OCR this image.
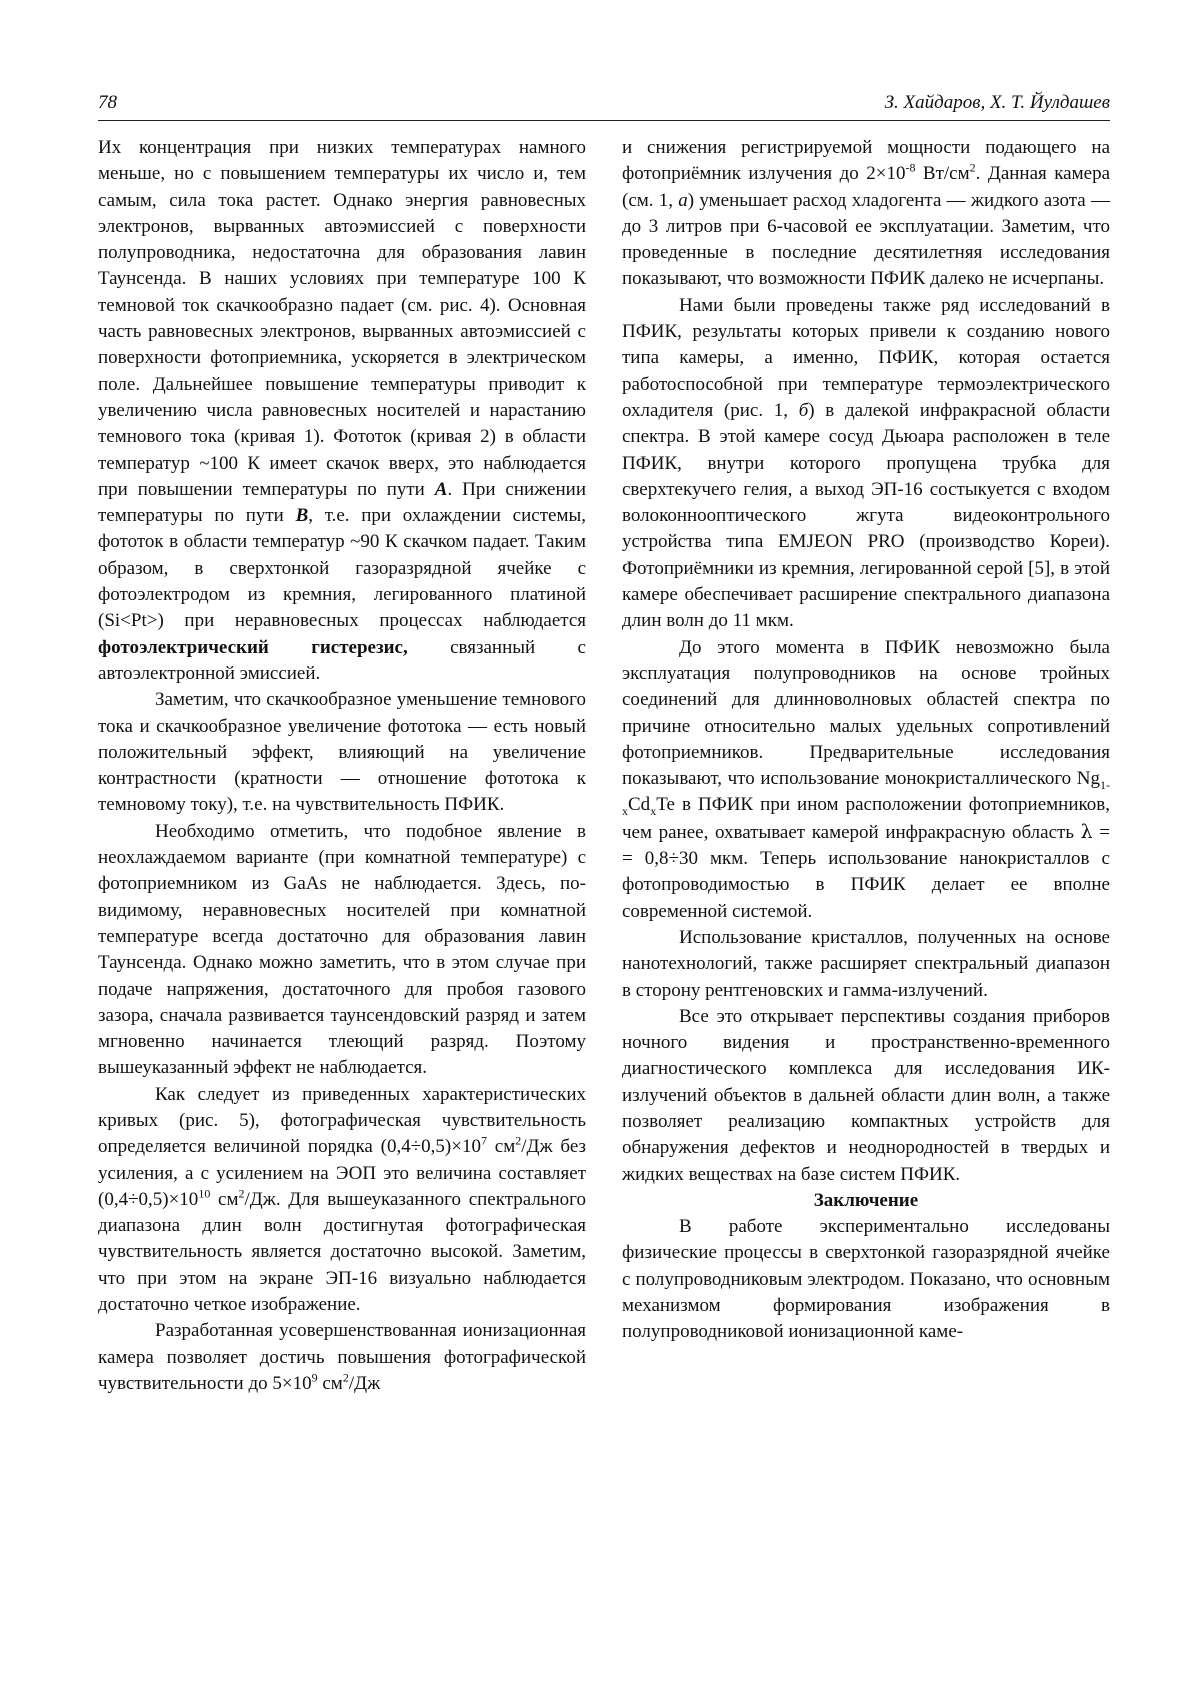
78	З. Хайдаров, Х. Т. Йулдашев

Их концентрация при низких температурах намного меньше, но с повышением температуры их число и, тем самым, сила тока растет. Однако энергия равновесных электронов, вырванных автоэмиссией с поверхности полупроводника, недостаточна для образования лавин Таунсенда. В наших условиях при температуре 100 К темновой ток скачкообразно падает (см. рис. 4). Основная часть равновесных электронов, вырванных автоэмиссией с поверхности фотоприемника, ускоряется в электрическом поле. Дальнейшее повышение температуры приводит к увеличению числа равновесных носителей и нарастанию темнового тока (кривая 1). Фототок (кривая 2) в области температур ~100 К имеет скачок вверх, это наблюдается при повышении температуры по пути A. При снижении температуры по пути B, т.е. при охлаждении системы, фототок в области температур ~90 К скачком падает. Таким образом, в сверхтонкой газоразрядной ячейке с фотоэлектродом из кремния, легированного платиной (Si<Pt>) при неравновесных процессах наблюдается фотоэлектрический гистерезис, связанный с автоэлектронной эмиссией.

Заметим, что скачкообразное уменьшение темнового тока и скачкообразное увеличение фототока — есть новый положительный эффект, влияющий на увеличение контрастности (кратности — отношение фототока к темновому току), т.е. на чувствительность ПФИК.

Необходимо отметить, что подобное явление в неохлаждаемом варианте (при комнатной температуре) с фотоприемником из GaAs не наблюдается. Здесь, по-видимому, неравновесных носителей при комнатной температуре всегда достаточно для образования лавин Таунсенда. Однако можно заметить, что в этом случае при подаче напряжения, достаточного для пробоя газового зазора, сначала развивается таунсендовский разряд и затем мгновенно начинается тлеющий разряд. Поэтому вышеуказанный эффект не наблюдается.

Как следует из приведенных характеристических кривых (рис. 5), фотографическая чувствительность определяется величиной порядка $(0,4\div 0,5)\times 10^7$ $см^2/Дж$ без усиления, а с усилением на ЭОП это величина составляет $(0,4\div 0,5)\times 10^{10}$ $см^2/Дж$. Для вышеуказанного спектрального диапазона длин волн достигнутая фотографическая чувствительность является достаточно высокой. Заметим, что при этом на экране ЭП-16 визуально наблюдается достаточно четкое изображение.

Разработанная усовершенствованная ионизационная камера позволяет достичь повышения фотографической чувствительности до $5\times 10^9$ $см^2/Дж$

и снижения регистрируемой мощности подающего на фотоприёмник излучения до $2\times 10^{-8}$ $Вт/см^2$. Данная камера (см. 1, а) уменьшает расход хладогента — жидкого азота — до 3 литров при 6-часовой ее эксплуатации. Заметим, что проведенные в последние десятилетняя исследования показывают, что возможности ПФИК далеко не исчерпаны.

Нами были проведены также ряд исследований в ПФИК, результаты которых привели к созданию нового типа камеры, а именно, ПФИК, которая остается работоспособной при температуре термоэлектрического охладителя (рис. 1, б) в далекой инфракрасной области спектра. В этой камере сосуд Дьюара расположен в теле ПФИК, внутри которого пропущена трубка для сверхтекучего гелия, а выход ЭП-16 состыкуется с входом волоконнооптического жгута видеоконтрольного устройства типа EMJEON PRO (производство Кореи). Фотоприёмники из кремния, легированной серой [5], в этой камере обеспечивает расширение спектрального диапазона длин волн до 11 мкм.

До этого момента в ПФИК невозможно была эксплуатация полупроводников на основе тройных соединений для длинноволновых областей спектра по причине относительно малых удельных сопротивлений фотоприемников. Предварительные исследования показывают, что использование монокристаллического $Ng_{1-x}Cd_xTe$ в ПФИК при ином расположении фотоприемников, чем ранее, охватывает камерой инфракрасную область λ = = 0,8÷30 мкм. Теперь использование нанокристаллов с фотопроводимостью в ПФИК делает ее вполне современной системой.

Использование кристаллов, полученных на основе нанотехнологий, также расширяет спектральный диапазон в сторону рентгеновских и гамма-излучений.

Все это открывает перспективы создания приборов ночного видения и пространственно-временного диагностического комплекса для исследования ИК-излучений объектов в дальней области длин волн, а также позволяет реализацию компактных устройств для обнаружения дефектов и неоднородностей в твердых и жидких веществах на базе систем ПФИК.

Заключение

В работе экспериментально исследованы физические процессы в сверхтонкой газоразрядной ячейке с полупроводниковым электродом. Показано, что основным механизмом формирования изображения в полупроводниковой ионизационной каме-
